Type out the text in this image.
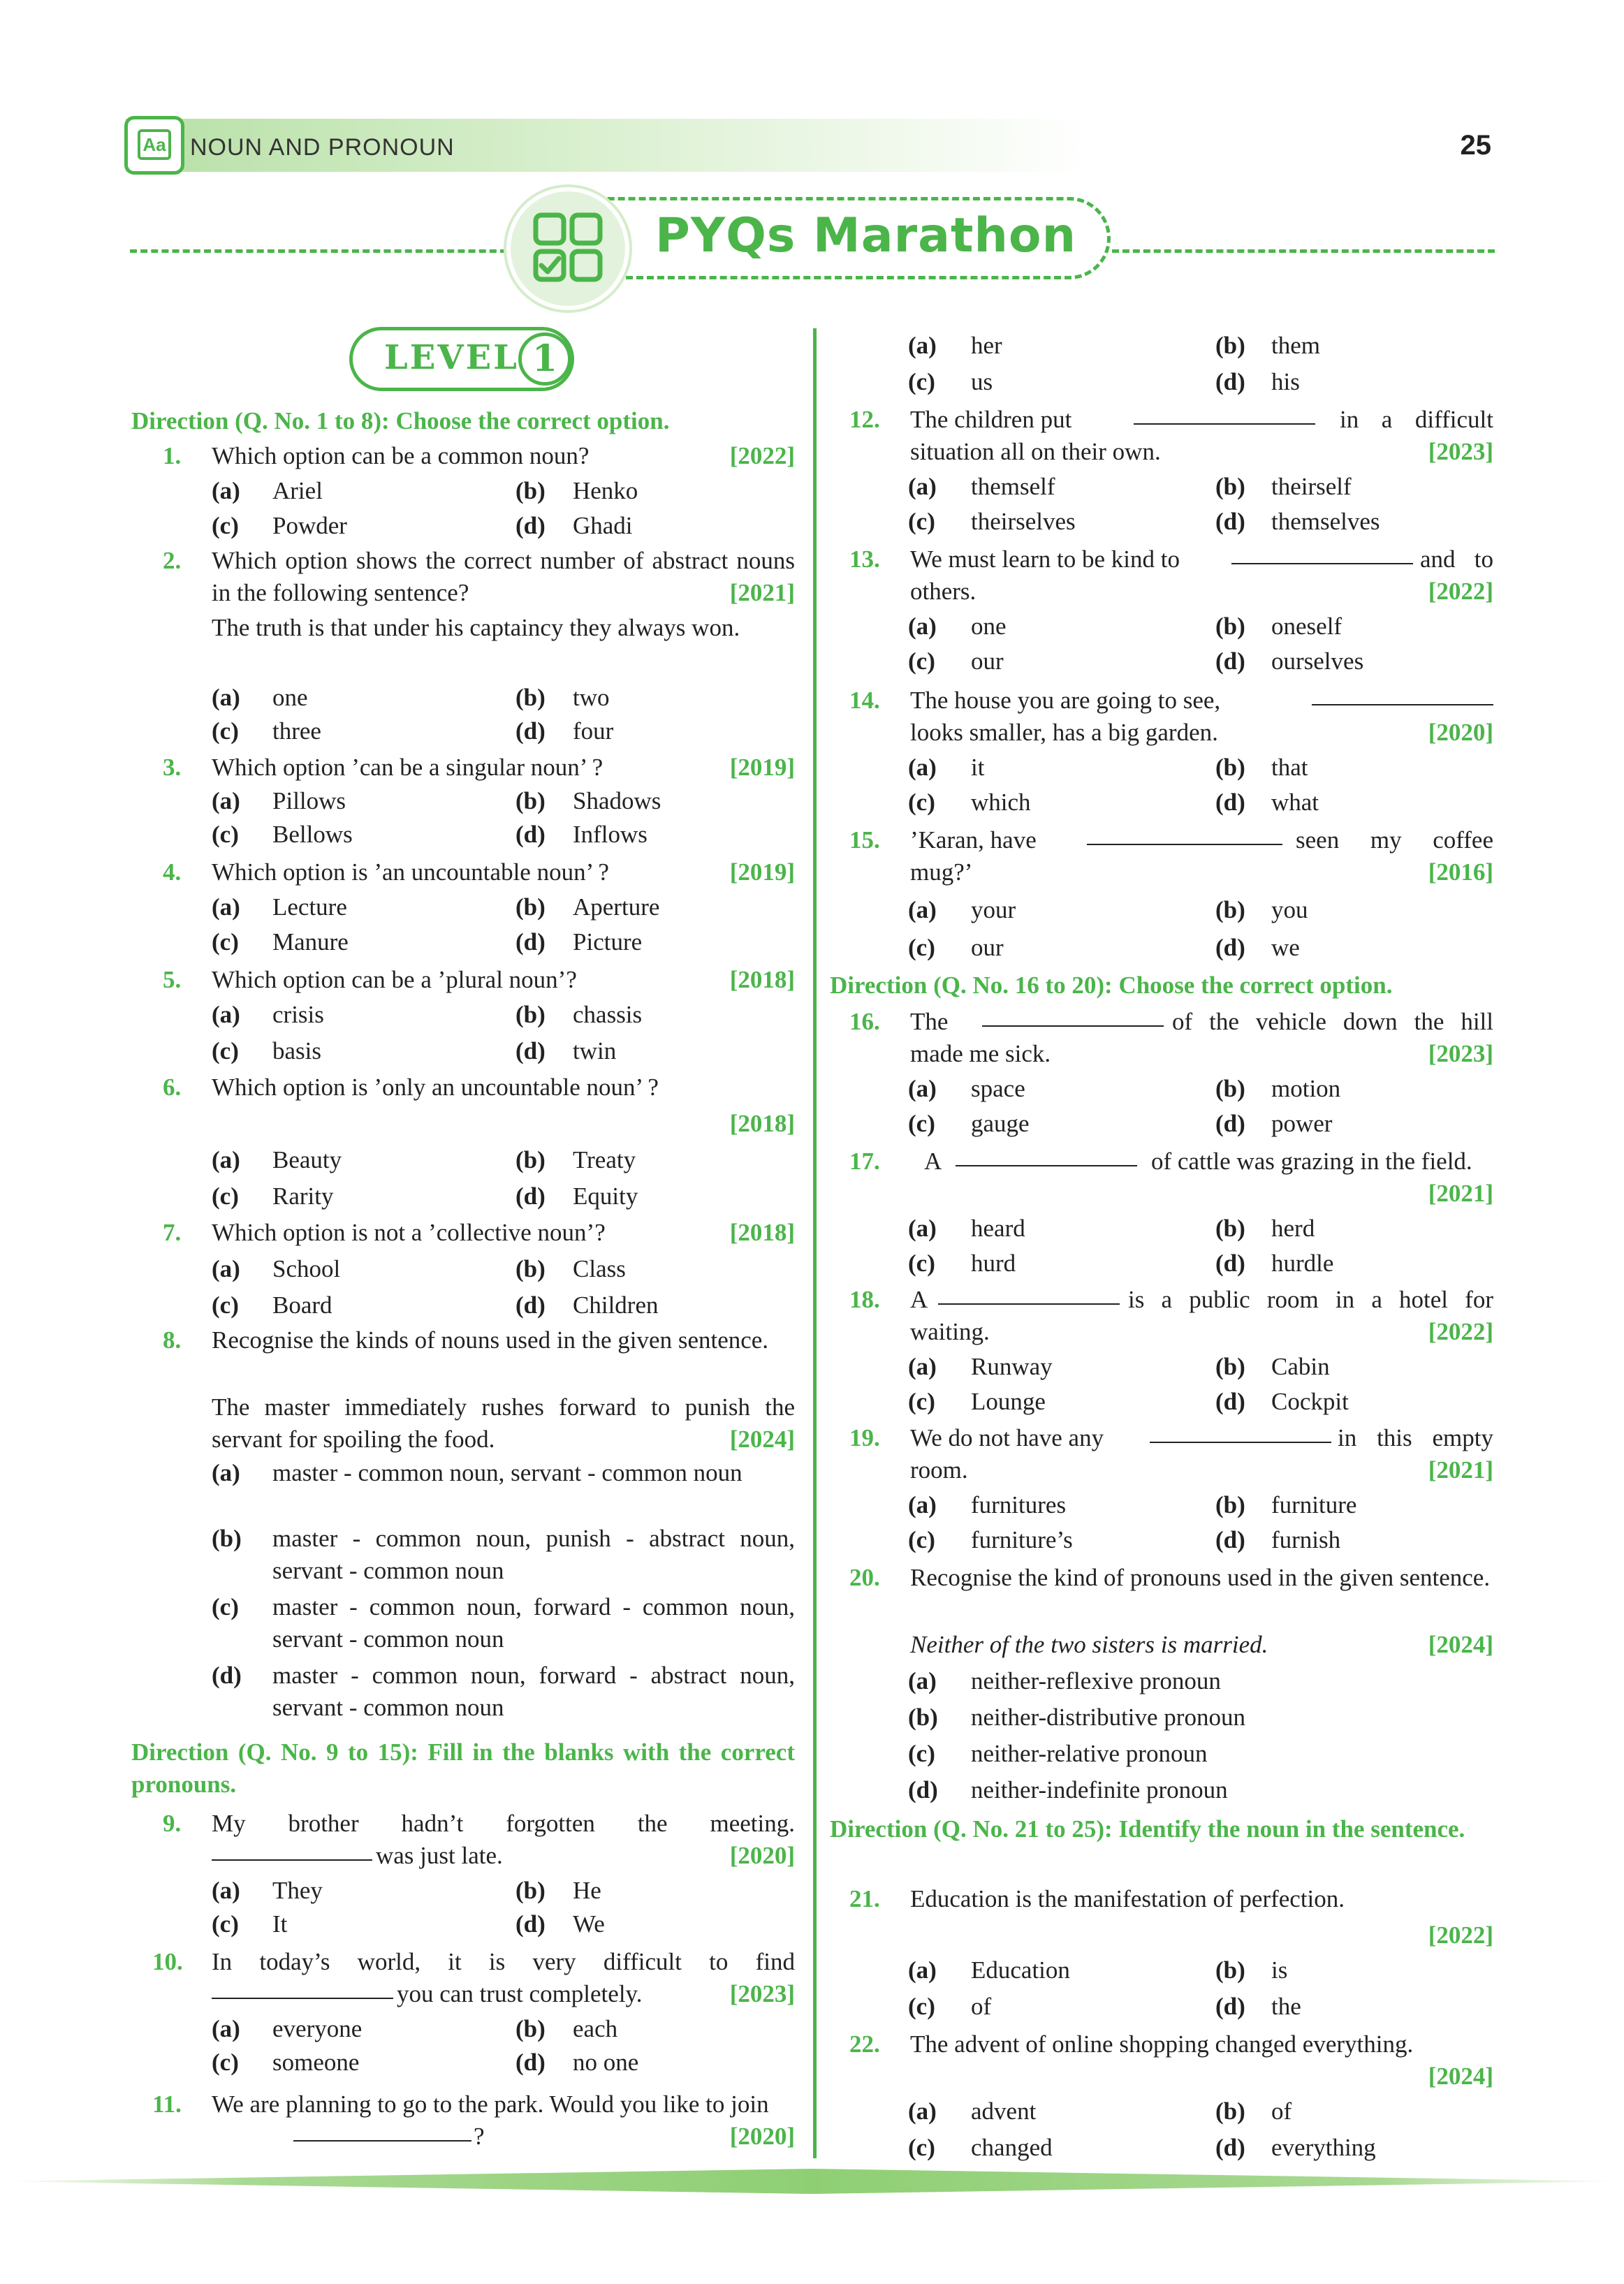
Aa NOUN AND PRONOUN	25
PYQs Marathon
LEVEL 1
Direction (Q. No. 1 to 8): Choose the correct option.
1. Which option can be a common noun?	[2022]
(a) Ariel	(b) Henko
(c) Powder	(d) Ghadi
2. Which option shows the correct number of abstract nouns in the following sentence?	[2021]
The truth is that under his captaincy they always won.
(a) one	(b) two
(c) three	(d) four
3. Which option ’can be a singular noun’ ?	[2019]
(a) Pillows	(b) Shadows
(c) Bellows	(d) Inflows
4. Which option is ’an uncountable noun’ ?	[2019]
(a) Lecture	(b) Aperture
(c) Manure	(d) Picture
5. Which option can be a ’plural noun’?	[2018]
(a) crisis	(b) chassis
(c) basis	(d) twin
6. Which option is ’only an uncountable noun’ ?
[2018]
(a) Beauty	(b) Treaty
(c) Rarity	(d) Equity
7. Which option is not a ’collective noun’?	[2018]
(a) School	(b) Class
(c) Board	(d) Children
8. Recognise the kinds of nouns used in the given sentence.
The master immediately rushes forward to punish the servant for spoiling the food.	[2024]
(a) master - common noun, servant - common noun
(b) master - common noun, punish - abstract noun, servant - common noun
(c) master - common noun, forward - common noun, servant - common noun
(d) master - common noun, forward - abstract noun, servant - common noun
Direction (Q. No. 9 to 15): Fill in the blanks with the correct pronouns.
9. My brother hadn’t forgotten the meeting.
was just late.	[2020]
(a) They	(b) He
(c) It	(d) We
10. In today’s world, it is very difficult to find
you can trust completely.	[2023]
(a) everyone	(b) each
(c) someone	(d) no one
11. We are planning to go to the park. Would you like to join
?	[2020]
(a) her	(b) them
(c) us	(d) his
12. The children put	in a difficult situation all on their own.	[2023]
(a) themself	(b) theirself
(c) theirselves	(d) themselves
13. We must learn to be kind to	and to others.	[2022]
(a) one	(b) oneself
(c) our	(d) ourselves
14. The house you are going to see,
looks smaller, has a big garden.	[2020]
(a) it	(b) that
(c) which	(d) what
15. ’Karan, have	seen my coffee mug?’	[2016]
(a) your	(b) you
(c) our	(d) we
Direction (Q. No. 16 to 20): Choose the correct option.
16. The	of the vehicle down the hill made me sick.	[2023]
(a) space	(b) motion
(c) gauge	(d) power
17. A	of cattle was grazing in the field.
[2021]
(a) heard	(b) herd
(c) hurd	(d) hurdle
18. A	is a public room in a hotel for waiting.	[2022]
(a) Runway	(b) Cabin
(c) Lounge	(d) Cockpit
19. We do not have any	in this empty room.	[2021]
(a) furnitures	(b) furniture
(c) furniture’s	(d) furnish
20. Recognise the kind of pronouns used in the given sentence.
Neither of the two sisters is married.	[2024]
(a) neither-reflexive pronoun
(b) neither-distributive pronoun
(c) neither-relative pronoun
(d) neither-indefinite pronoun
Direction (Q. No. 21 to 25): Identify the noun in the sentence.
21. Education is the manifestation of perfection.
[2022]
(a) Education	(b) is
(c) of	(d) the
22. The advent of online shopping changed everything.
[2024]
(a) advent	(b) of
(c) changed	(d) everything
